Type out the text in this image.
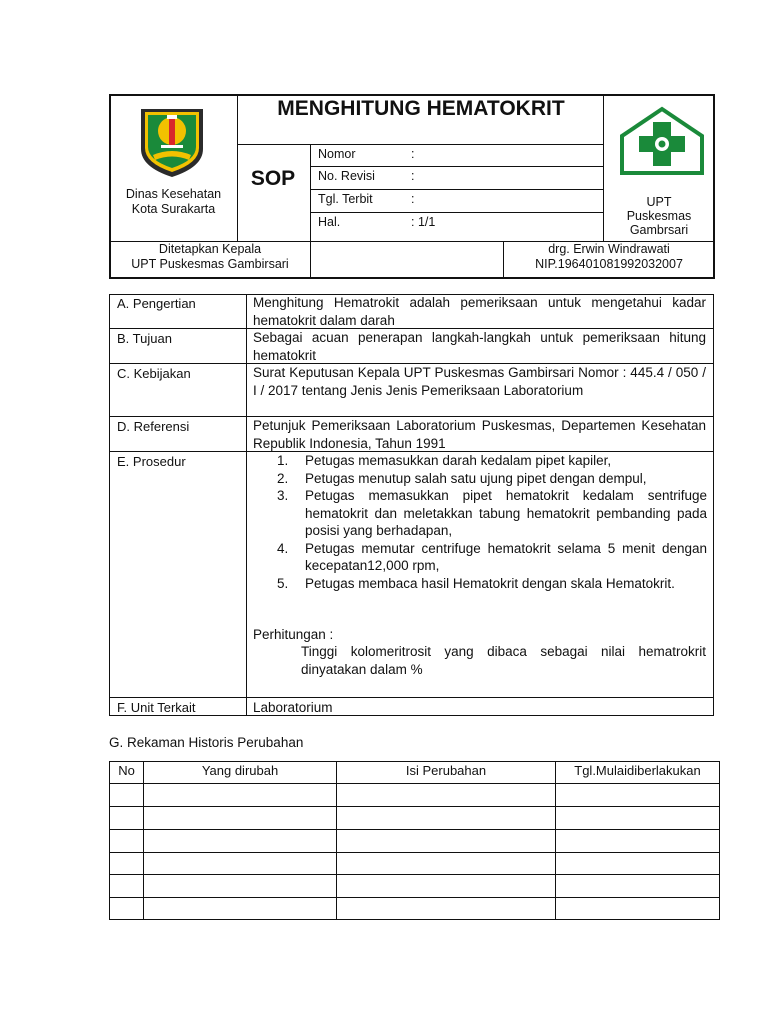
Dinas Kesehatan
Kota Surakarta
MENGHITUNG HEMATOKRIT
SOP
Nomor	:
No. Revisi	:
Tgl. Terbit	:
Hal.	: 1/1
UPT
Puskesmas
Gambrsari
Ditetapkan Kepala
UPT Puskesmas Gambirsari
drg. Erwin Windrawati
NIP.196401081992032007
A. Pengertian	Menghitung Hematrokit adalah pemeriksaan untuk mengetahui kadar hematokrit dalam darah
B. Tujuan	Sebagai acuan penerapan langkah-langkah untuk pemeriksaan hitung hematokrit
C. Kebijakan	Surat Keputusan Kepala UPT Puskesmas Gambirsari Nomor : 445.4 / 050 / I / 2017 tentang Jenis Jenis Pemeriksaan Laboratorium
D. Referensi	Petunjuk Pemeriksaan Laboratorium Puskesmas, Departemen Kesehatan Republik Indonesia, Tahun 1991
E. Prosedur	1.	Petugas memasukkan darah kedalam pipet kapiler,
2.	Petugas menutup salah satu ujung pipet dengan dempul,
3.	Petugas memasukkan pipet hematokrit kedalam sentrifuge hematokrit dan meletakkan tabung hematokrit pembanding pada posisi yang berhadapan,
4.	Petugas memutar centrifuge hematokrit selama 5 menit dengan kecepatan12,000 rpm,
5.	Petugas membaca hasil Hematokrit dengan skala Hematokrit.
Perhitungan :
Tinggi kolomeritrosit yang dibaca sebagai nilai hematrokrit dinyatakan dalam %
F. Unit Terkait	Laboratorium
G. Rekaman Historis Perubahan
No	Yang dirubah	Isi Perubahan	Tgl.Mulaidiberlakukan
